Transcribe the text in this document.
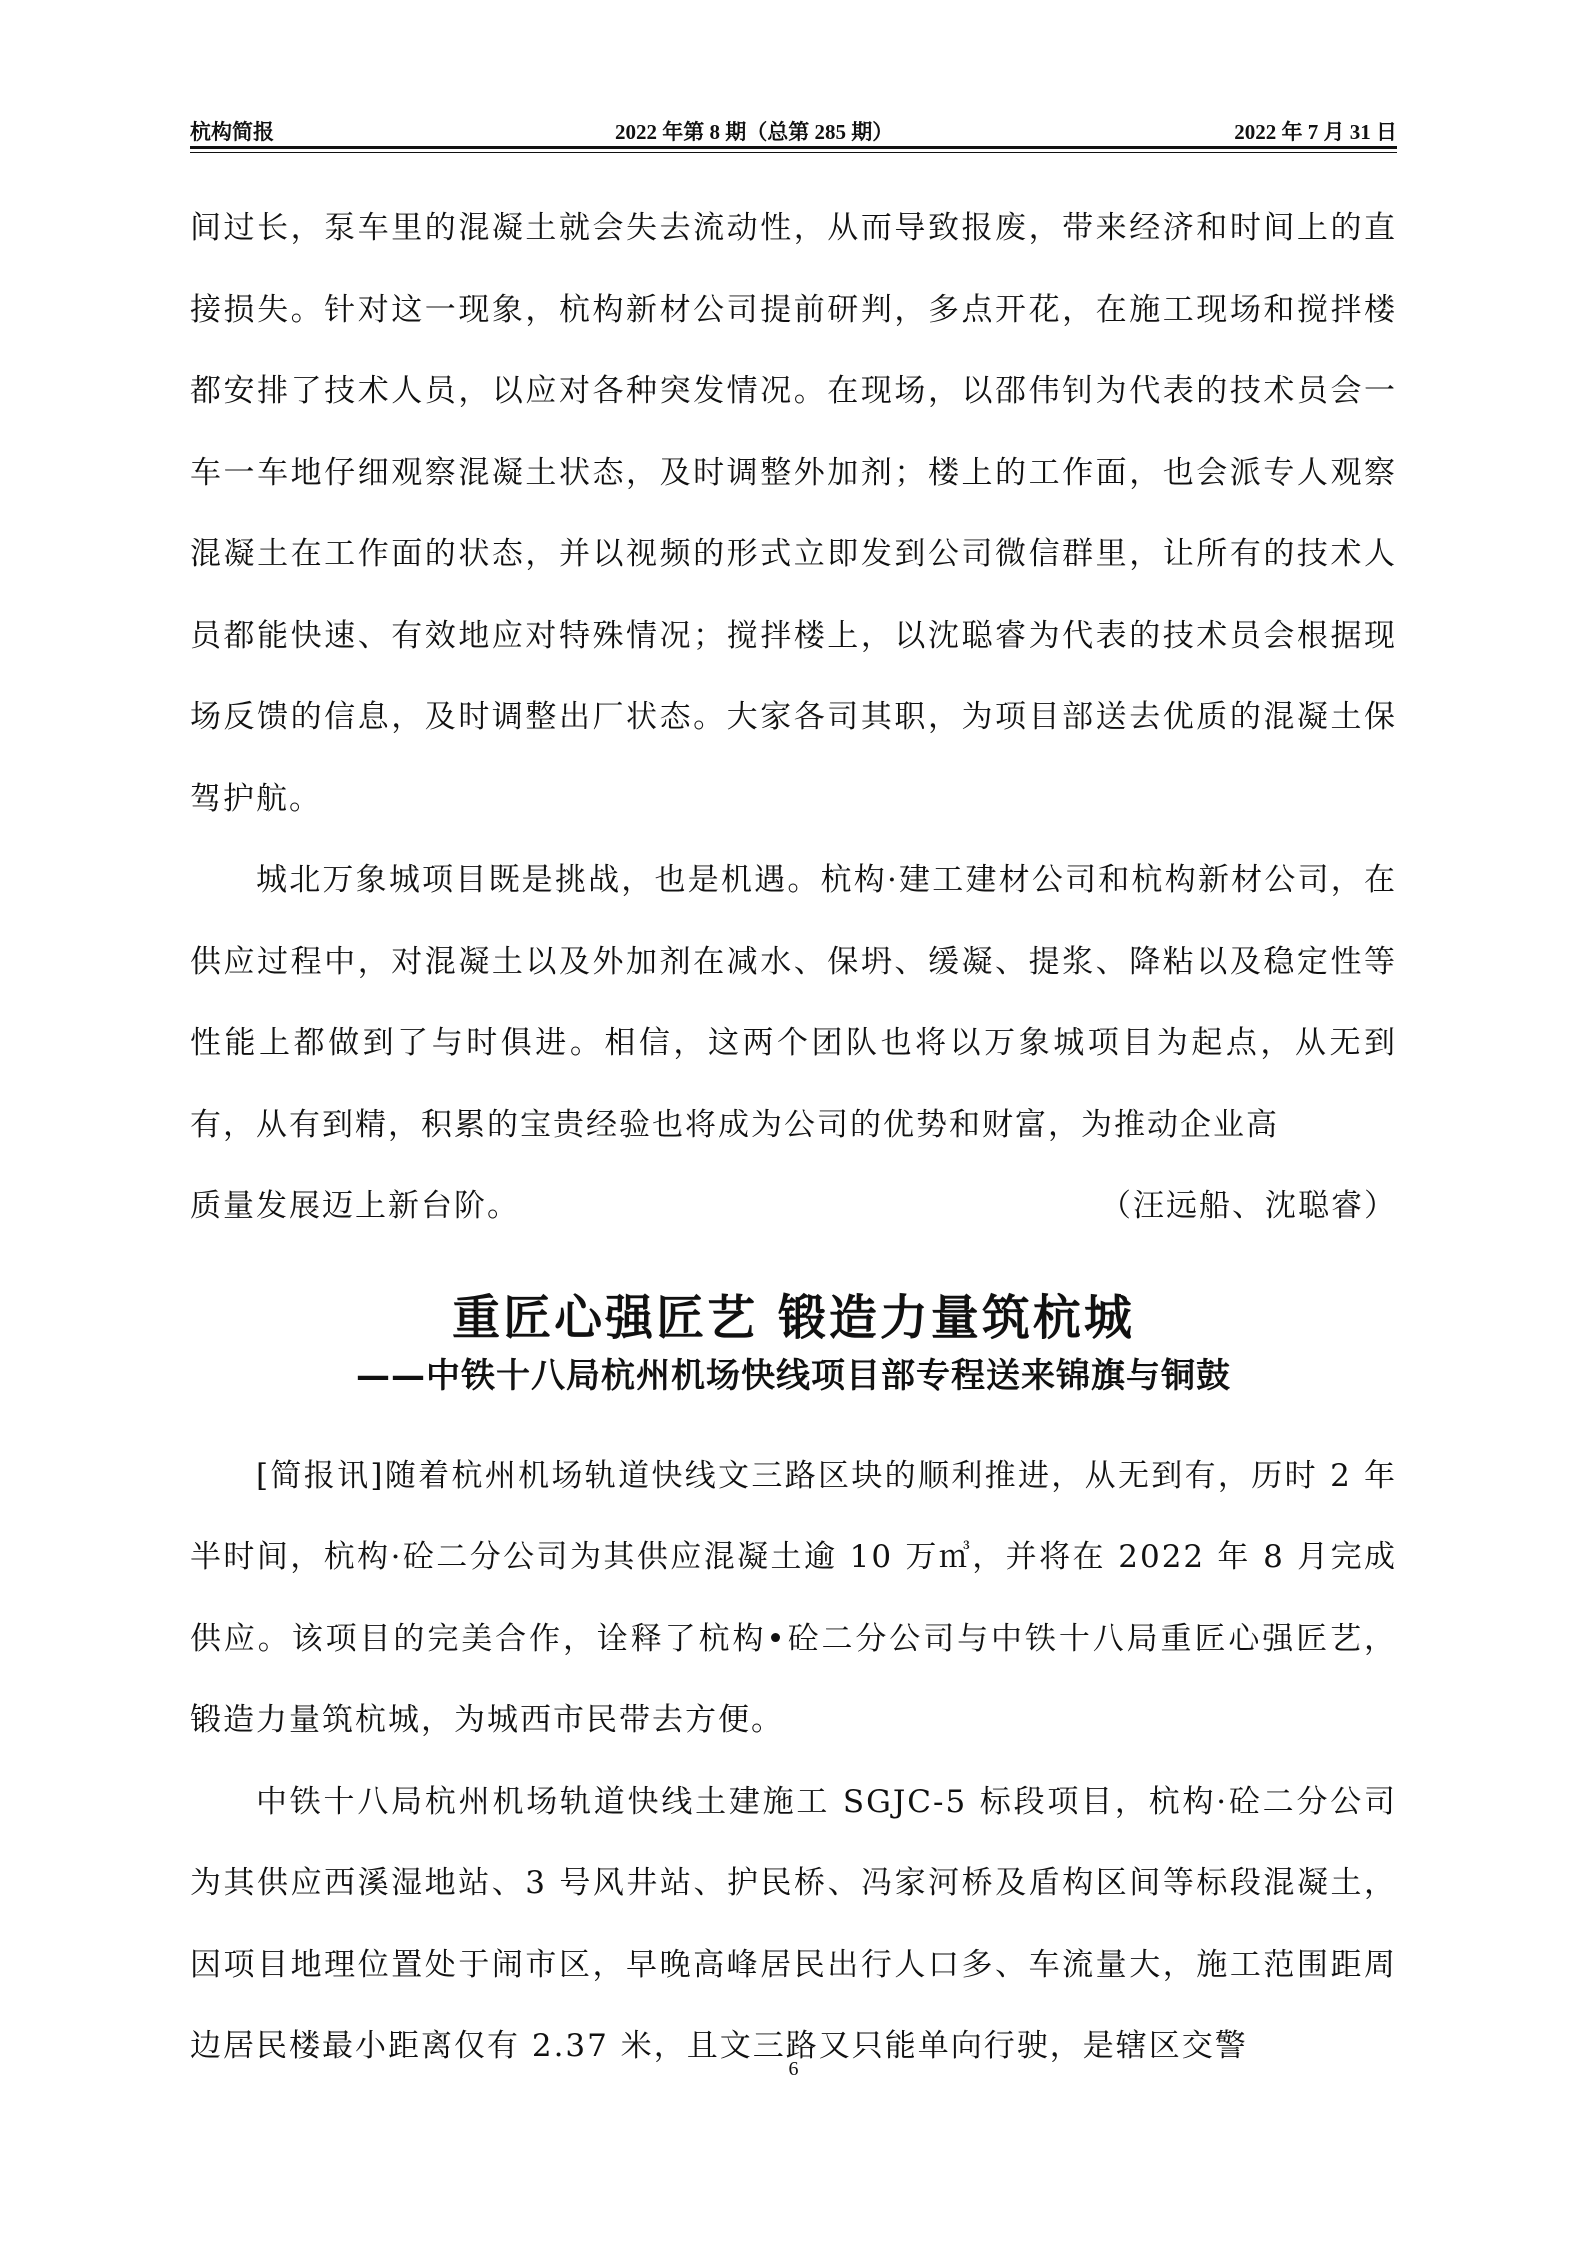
杭构简报	2022 年第 8 期（总第 285 期）	2022 年 7 月 31 日

间过长，泵车里的混凝土就会失去流动性，从而导致报废，带来经济和时间上的直接损失。针对这一现象，杭构新材公司提前研判，多点开花，在施工现场和搅拌楼都安排了技术人员，以应对各种突发情况。在现场，以邵伟钊为代表的技术员会一车一车地仔细观察混凝土状态，及时调整外加剂；楼上的工作面，也会派专人观察混凝土在工作面的状态，并以视频的形式立即发到公司微信群里，让所有的技术人员都能快速、有效地应对特殊情况；搅拌楼上，以沈聪睿为代表的技术员会根据现场反馈的信息，及时调整出厂状态。大家各司其职，为项目部送去优质的混凝土保驾护航。

城北万象城项目既是挑战，也是机遇。杭构·建工建材公司和杭构新材公司，在供应过程中，对混凝土以及外加剂在减水、保坍、缓凝、提浆、降粘以及稳定性等性能上都做到了与时俱进。相信，这两个团队也将以万象城项目为起点，从无到有，从有到精，积累的宝贵经验也将成为公司的优势和财富，为推动企业高

质量发展迈上新台阶。	（汪远船、沈聪睿）
重匠心强匠艺 锻造力量筑杭城
——中铁十八局杭州机场快线项目部专程送来锦旗与铜鼓

[简报讯]随着杭州机场轨道快线文三路区块的顺利推进，从无到有，历时 2 年半时间，杭构·砼二分公司为其供应混凝土逾 10 万㎥，并将在 2022 年 8 月完成供应。该项目的完美合作，诠释了杭构•砼二分公司与中铁十八局重匠心强匠艺，锻造力量筑杭城，为城西市民带去方便。

中铁十八局杭州机场轨道快线土建施工 SGJC-5 标段项目，杭构·砼二分公司为其供应西溪湿地站、3 号风井站、护民桥、冯家河桥及盾构区间等标段混凝土，因项目地理位置处于闹市区，早晚高峰居民出行人口多、车流量大，施工范围距周边居民楼最小距离仅有 2.37 米，且文三路又只能单向行驶，是辖区交警

6
